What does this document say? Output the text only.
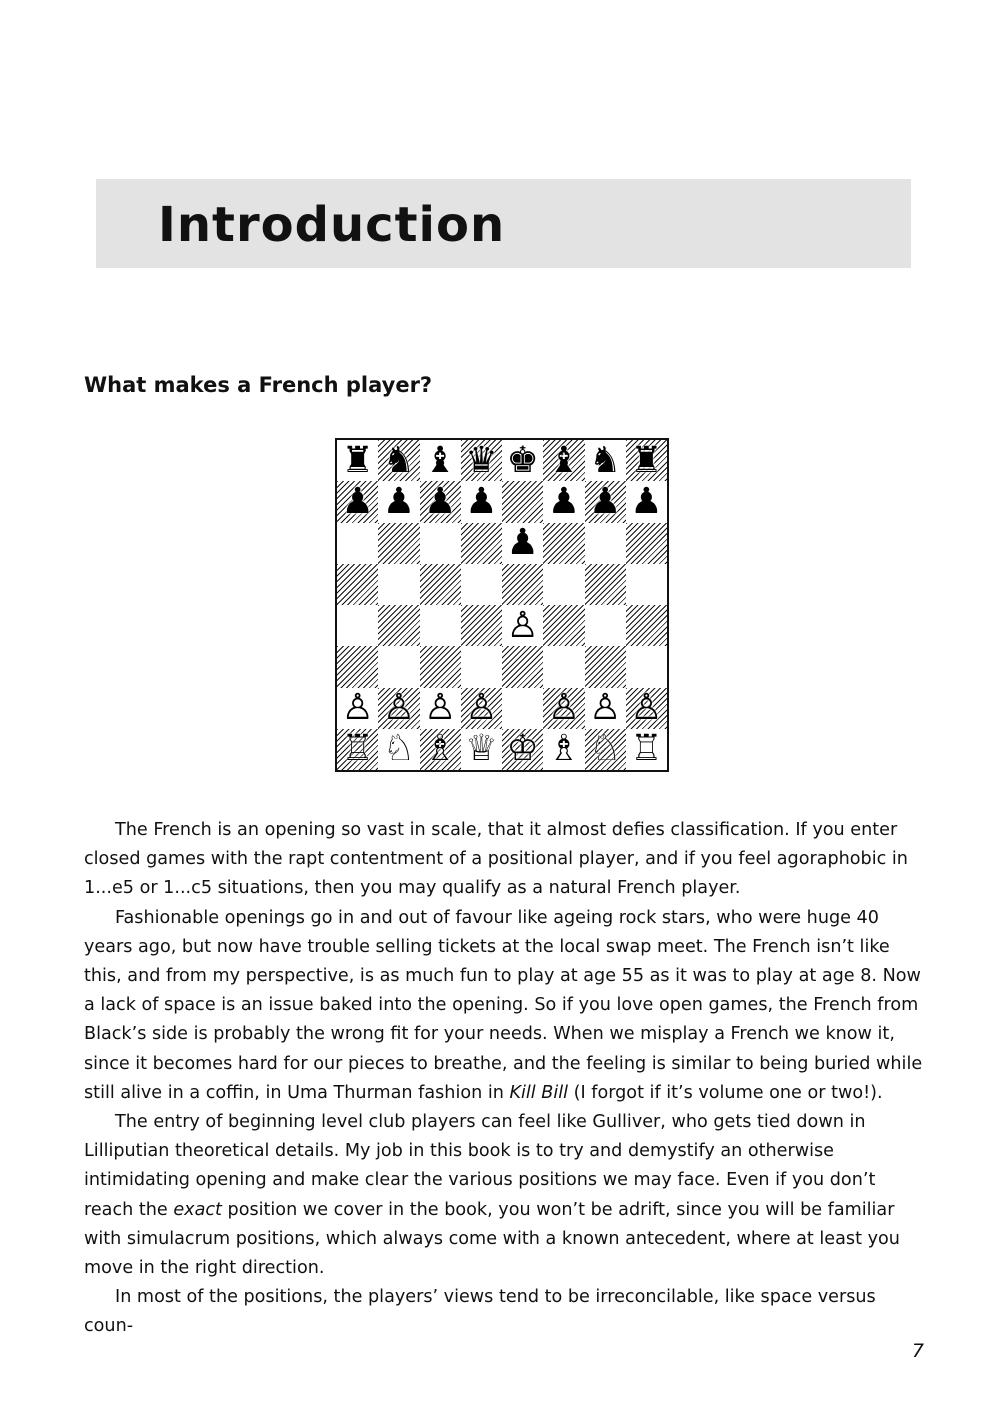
Introduction
What makes a French player?
♜ ♞ ♝ ♛ ♚ ♝ ♞ ♜
♟ ♟ ♟ ♟ ♟ ♟ ♟
♟
♙
♙ ♙ ♙ ♙ ♙ ♙ ♙
♖ ♘ ♗ ♕ ♔ ♗ ♘ ♖

The French is an opening so vast in scale, that it almost defies classification. If you enter closed games with the rapt contentment of a positional player, and if you feel agoraphobic in 1...e5 or 1...c5 situations, then you may qualify as a natural French player.

Fashionable openings go in and out of favour like ageing rock stars, who were huge 40 years ago, but now have trouble selling tickets at the local swap meet. The French isn’t like this, and from my perspective, is as much fun to play at age 55 as it was to play at age 8. Now a lack of space is an issue baked into the opening. So if you love open games, the French from Black’s side is probably the wrong fit for your needs. When we misplay a French we know it, since it becomes hard for our pieces to breathe, and the feeling is similar to being buried while still alive in a coffin, in Uma Thurman fashion in Kill Bill (I forgot if it’s volume one or two!).

The entry of beginning level club players can feel like Gulliver, who gets tied down in Lilliputian theoretical details. My job in this book is to try and demystify an otherwise intimidating opening and make clear the various positions we may face. Even if you don’t reach the exact position we cover in the book, you won’t be adrift, since you will be familiar with simulacrum positions, which always come with a known antecedent, where at least you move in the right direction.

In most of the positions, the players’ views tend to be irreconcilable, like space versus coun-

7
